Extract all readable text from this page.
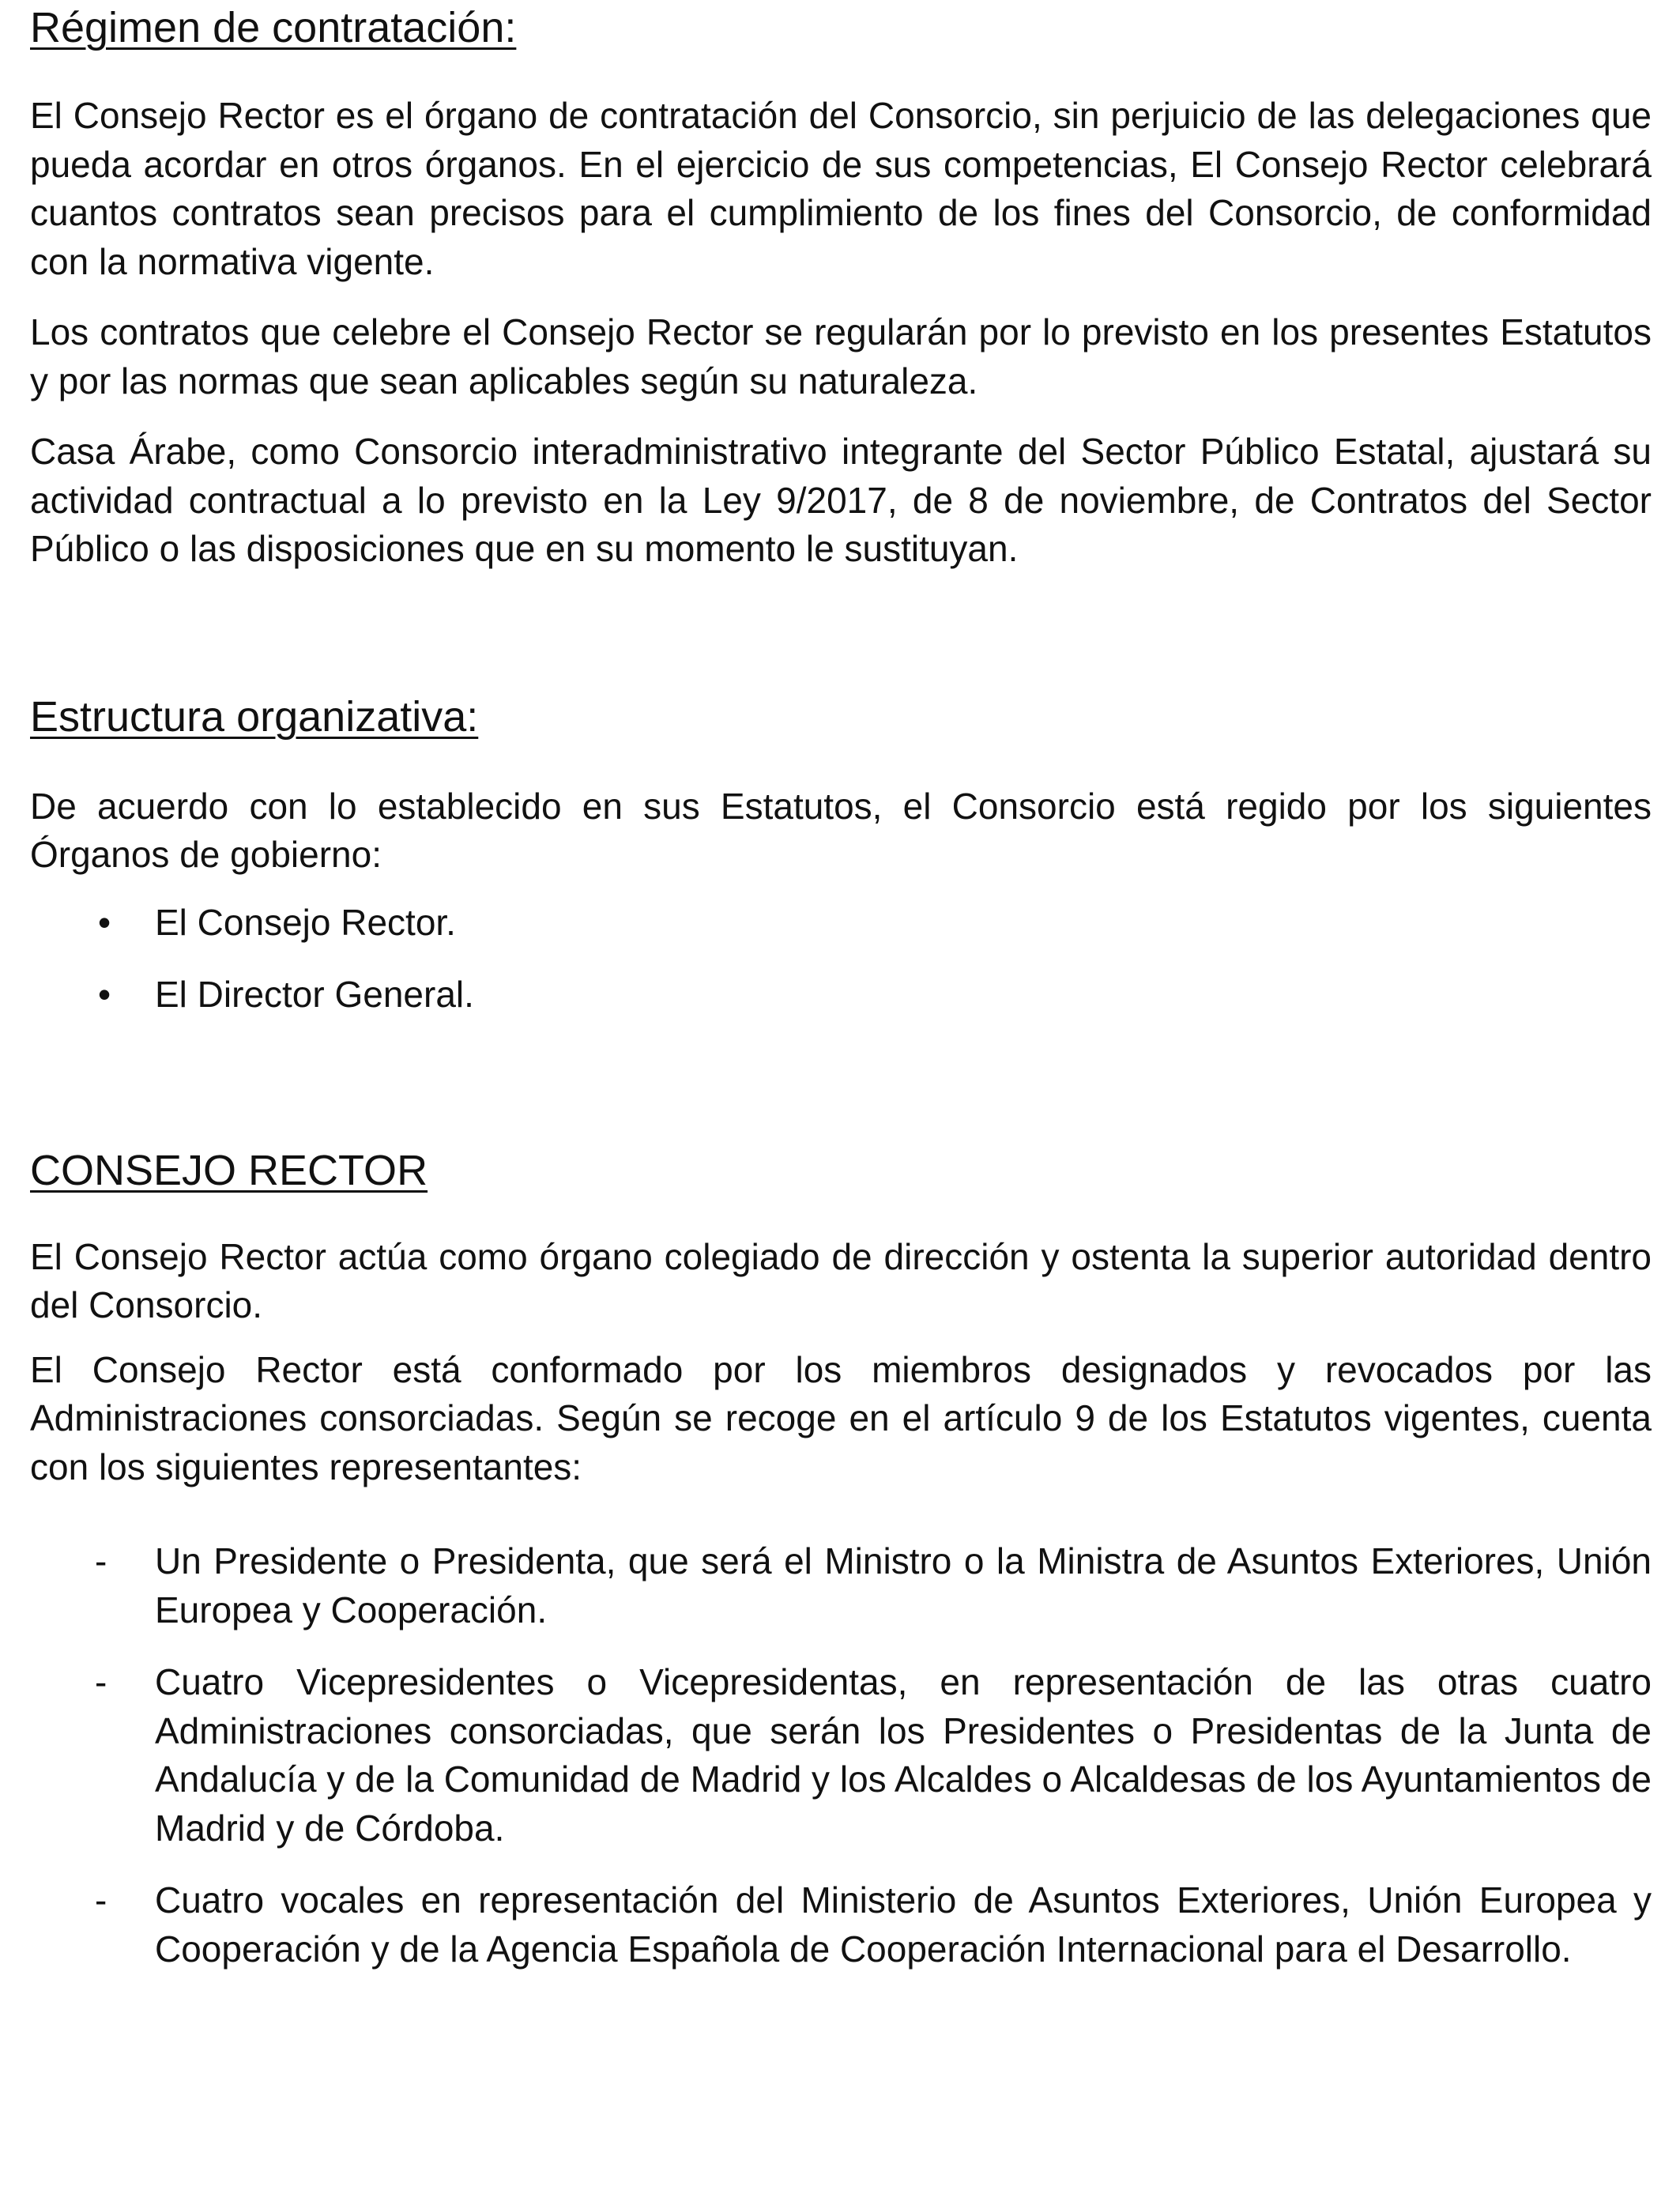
Régimen de contratación:

El Consejo Rector es el órgano de contratación del Consorcio, sin perjuicio de las delegaciones que pueda acordar en otros órganos. En el ejercicio de sus competencias, El Consejo Rector celebrará cuantos contratos sean precisos para el cumplimiento de los fines del Consorcio, de conformidad con la normativa vigente.

Los contratos que celebre el Consejo Rector se regularán por lo previsto en los presentes Estatutos y por las normas que sean aplicables según su naturaleza.

Casa Árabe, como Consorcio interadministrativo integrante del Sector Público Estatal, ajustará su actividad contractual a lo previsto en la Ley 9/2017, de 8 de noviembre, de Contratos del Sector Público o las disposiciones que en su momento le sustituyan.

Estructura organizativa:

De acuerdo con lo establecido en sus Estatutos, el Consorcio está regido por los siguientes Órganos de gobierno:

• El Consejo Rector.
• El Director General.
CONSEJO RECTOR

El Consejo Rector actúa como órgano colegiado de dirección y ostenta la superior autoridad dentro del Consorcio.

El Consejo Rector está conformado por los miembros designados y revocados por las Administraciones consorciadas. Según se recoge en el artículo 9 de los Estatutos vigentes, cuenta con los siguientes representantes:

- Un Presidente o Presidenta, que será el Ministro o la Ministra de Asuntos Exteriores, Unión Europea y Cooperación.
- Cuatro Vicepresidentes o Vicepresidentas, en representación de las otras cuatro Administraciones consorciadas, que serán los Presidentes o Presidentas de la Junta de Andalucía y de la Comunidad de Madrid y los Alcaldes o Alcaldesas de los Ayuntamientos de Madrid y de Córdoba.
- Cuatro vocales en representación del Ministerio de Asuntos Exteriores, Unión Europea y Cooperación y de la Agencia Española de Cooperación Internacional para el Desarrollo.
